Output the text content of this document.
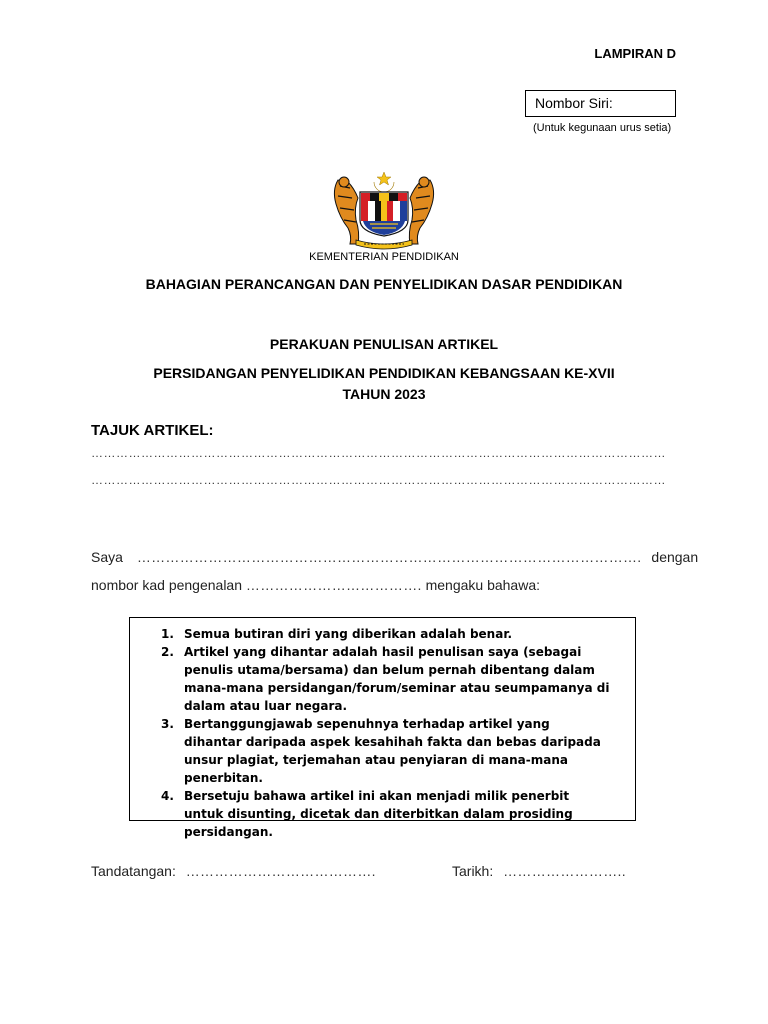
LAMPIRAN D
Nombor Siri:
(Untuk kegunaan urus setia)
KEMENTERIAN PENDIDIKAN
BAHAGIAN PERANCANGAN DAN PENYELIDIKAN DASAR PENDIDIKAN
PERAKUAN PENULISAN ARTIKEL
PERSIDANGAN PENYELIDIKAN PENDIDIKAN KEBANGSAAN KE-XVII
TAHUN 2023
TAJUK ARTIKEL:
…………………………………………………………………………………………………………………………
…………………………………………………………………………………………………………………………
Saya ……………………………………………………………………………………………. dengan
nombor kad pengenalan ………………………………. mengaku bahawa:
1. Semua butiran diri yang diberikan adalah benar.
2. Artikel yang dihantar adalah hasil penulisan saya (sebagai penulis utama/bersama) dan belum pernah dibentang dalam mana-mana persidangan/forum/seminar atau seumpamanya di dalam atau luar negara.
3. Bertanggungjawab sepenuhnya terhadap artikel yang dihantar daripada aspek kesahihah fakta dan bebas daripada unsur plagiat, terjemahan atau penyiaran di mana-mana penerbitan.
4. Bersetuju bahawa artikel ini akan menjadi milik penerbit untuk disunting, dicetak dan diterbitkan dalam prosiding persidangan.
Tandatangan: ………………………………….	Tarikh: ……………………..
